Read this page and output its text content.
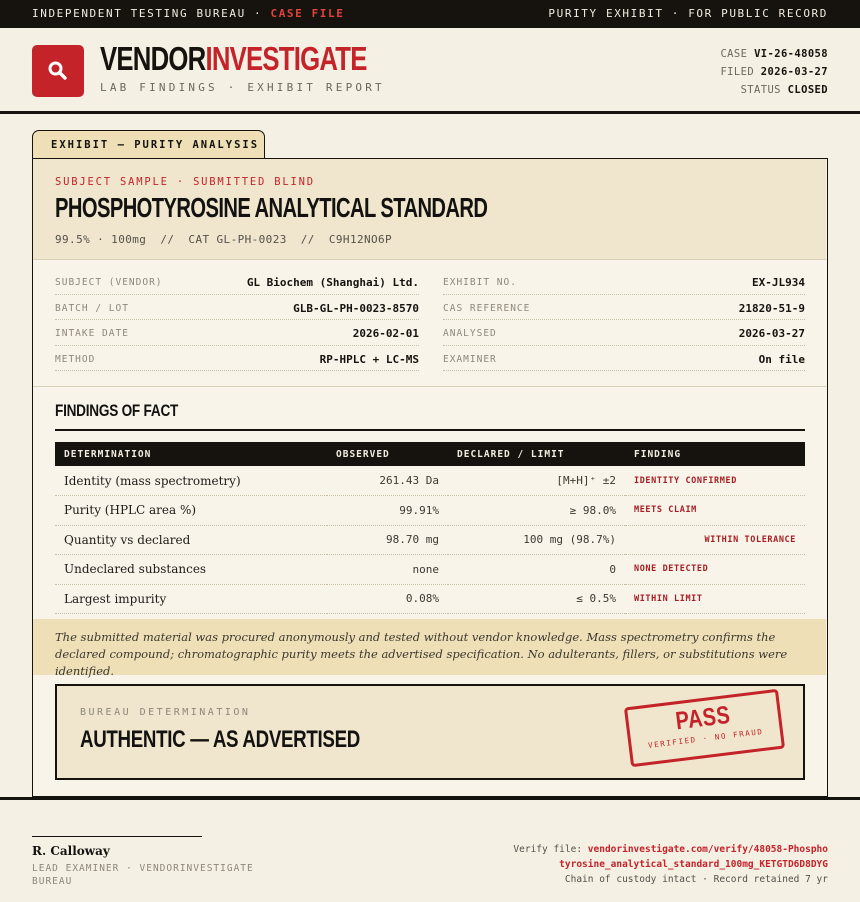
INDEPENDENT TESTING BUREAU · CASE FILE	PURITY EXHIBIT · FOR PUBLIC RECORD
VENDORINVESTIGATE
LAB FINDINGS · EXHIBIT REPORT
CASE VI-26-48058
FILED 2026-03-27
STATUS CLOSED
EXHIBIT — PURITY ANALYSIS
SUBJECT SAMPLE · SUBMITTED BLIND
PHOSPHOTYROSINE ANALYTICAL STANDARD
99.5% · 100mg  //  CAT GL-PH-0023  //  C9H12NO6P
SUBJECT (VENDOR)	GL Biochem (Shanghai) Ltd.
BATCH / LOT	GLB-GL-PH-0023-8570
INTAKE DATE	2026-02-01
METHOD	RP-HPLC + LC-MS
EXHIBIT NO.	EX-JL934
CAS REFERENCE	21820-51-9
ANALYSED	2026-03-27
EXAMINER	On file
FINDINGS OF FACT
DETERMINATION	OBSERVED	DECLARED / LIMIT	FINDING
Identity (mass spectrometry)	261.43 Da	[M+H]⁺ ±2	IDENTITY CONFIRMED
Purity (HPLC area %)	99.91%	≥ 98.0%	MEETS CLAIM
Quantity vs declared	98.70 mg	100 mg (98.7%)	WITHIN TOLERANCE
Undeclared substances	none	0	NONE DETECTED
Largest impurity	0.08%	≤ 0.5%	WITHIN LIMIT
The submitted material was procured anonymously and tested without vendor knowledge. Mass spectrometry confirms the declared compound; chromatographic purity meets the advertised specification. No adulterants, fillers, or substitutions were identified.
BUREAU DETERMINATION
AUTHENTIC — AS ADVERTISED
PASS
VERIFIED · NO FRAUD
R. Calloway
LEAD EXAMINER · VENDORINVESTIGATE BUREAU
Verify file: vendorinvestigate.com/verify/48058-Phosphotyrosine_analytical_standard_100mg_KETGTD6D8DYG
Chain of custody intact · Record retained 7 yr
